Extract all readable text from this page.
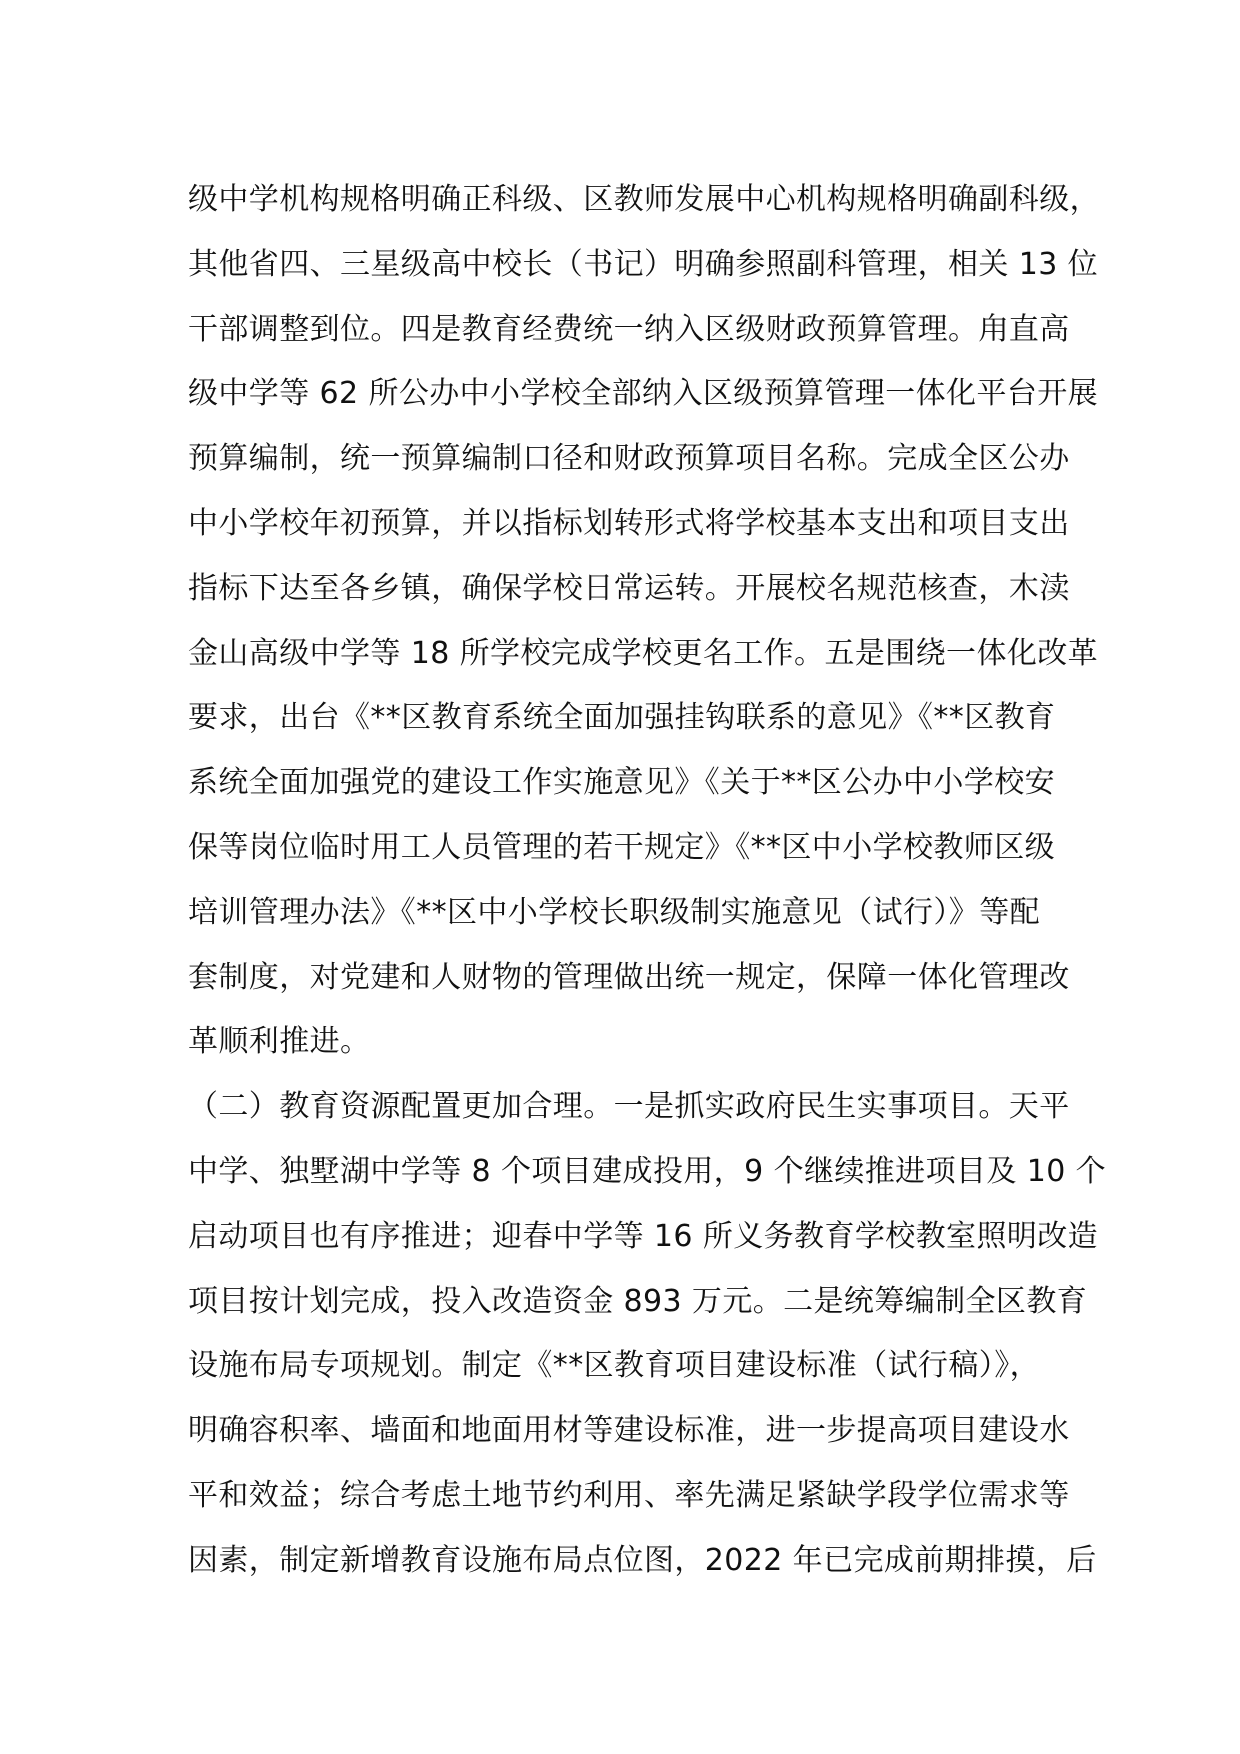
级中学机构规格明确正科级、区教师发展中心机构规格明确副科级，
其他省四、三星级高中校长（书记）明确参照副科管理，相关 13 位
干部调整到位。四是教育经费统一纳入区级财政预算管理。甪直高
级中学等 62 所公办中小学校全部纳入区级预算管理一体化平台开展
预算编制，统一预算编制口径和财政预算项目名称。完成全区公办
中小学校年初预算，并以指标划转形式将学校基本支出和项目支出
指标下达至各乡镇，确保学校日常运转。开展校名规范核查，木渎
金山高级中学等 18 所学校完成学校更名工作。五是围绕一体化改革
要求，出台《**区教育系统全面加强挂钩联系的意见》《**区教育
系统全面加强党的建设工作实施意见》《关于**区公办中小学校安
保等岗位临时用工人员管理的若干规定》《**区中小学校教师区级
培训管理办法》《**区中小学校长职级制实施意见（试行）》等配
套制度，对党建和人财物的管理做出统一规定，保障一体化管理改
革顺利推进。
（二）教育资源配置更加合理。一是抓实政府民生实事项目。天平
中学、独墅湖中学等 8 个项目建成投用，9 个继续推进项目及 10 个
启动项目也有序推进；迎春中学等 16 所义务教育学校教室照明改造
项目按计划完成，投入改造资金 893 万元。二是统筹编制全区教育
设施布局专项规划。制定《**区教育项目建设标准（试行稿）》，
明确容积率、墙面和地面用材等建设标准，进一步提高项目建设水
平和效益；综合考虑土地节约利用、率先满足紧缺学段学位需求等
因素，制定新增教育设施布局点位图，2022 年已完成前期排摸，后
